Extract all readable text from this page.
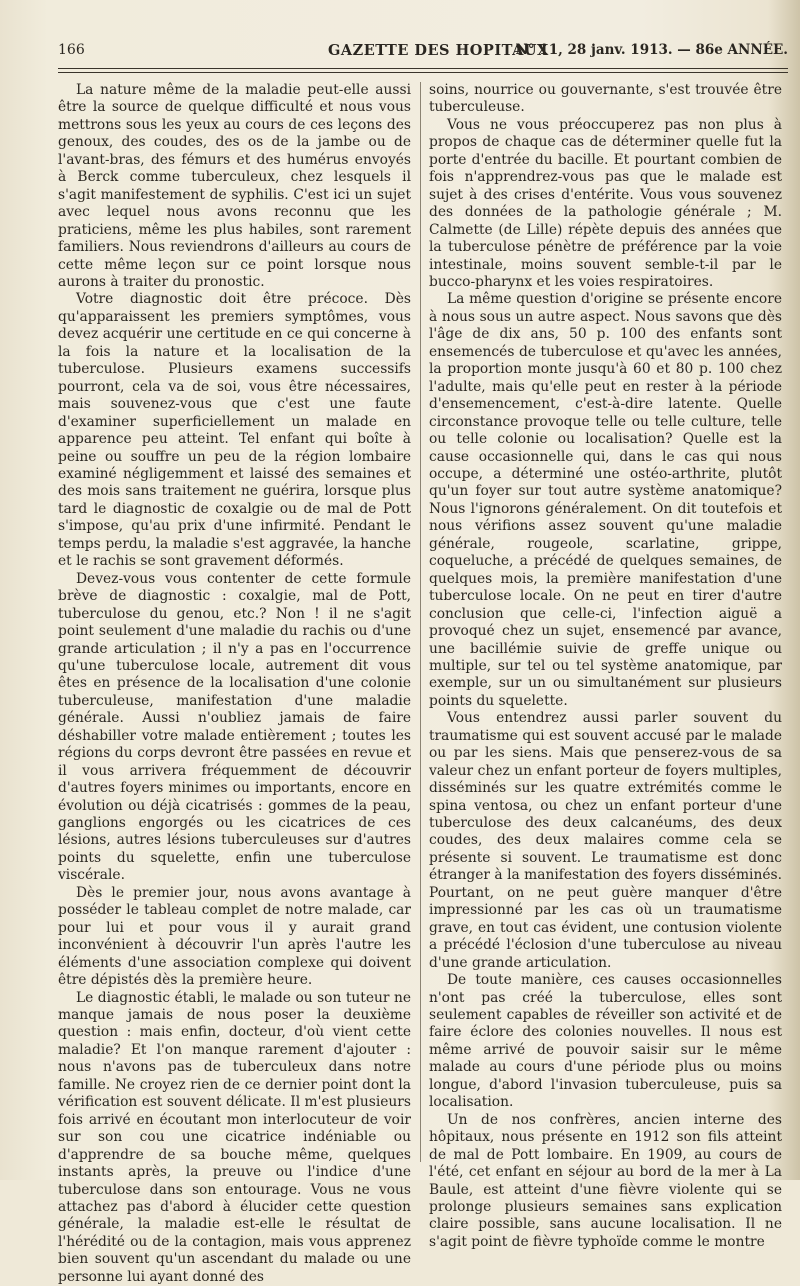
166	GAZETTE DES HOPITAUX
N° 11, 28 janv. 1913. — 86e ANNÉE.

La nature même de la maladie peut-elle aussi être la source de quelque difficulté et nous vous mettrons sous les yeux au cours de ces leçons des genoux, des coudes, des os de la jambe ou de l'avant-bras, des fémurs et des humérus envoyés à Berck comme tuberculeux, chez lesquels il s'agit manifestement de syphilis. C'est ici un sujet avec lequel nous avons reconnu que les praticiens, même les plus habiles, sont rarement familiers. Nous reviendrons d'ailleurs au cours de cette même leçon sur ce point lorsque nous aurons à traiter du pronostic.

Votre diagnostic doit être précoce. Dès qu'apparaissent les premiers symptômes, vous devez acquérir une certitude en ce qui concerne à la fois la nature et la localisation de la tuberculose. Plusieurs examens successifs pourront, cela va de soi, vous être nécessaires, mais souvenez-vous que c'est une faute d'examiner superficiellement un malade en apparence peu atteint. Tel enfant qui boîte à peine ou souffre un peu de la région lombaire examiné négligemment et laissé des semaines et des mois sans traitement ne guérira, lorsque plus tard le diagnostic de coxalgie ou de mal de Pott s'impose, qu'au prix d'une infirmité. Pendant le temps perdu, la maladie s'est aggravée, la hanche et le rachis se sont gravement déformés.

Devez-vous vous contenter de cette formule brève de diagnostic : coxalgie, mal de Pott, tuberculose du genou, etc.? Non ! il ne s'agit point seulement d'une maladie du rachis ou d'une grande articulation ; il n'y a pas en l'occurrence qu'une tuberculose locale, autrement dit vous êtes en présence de la localisation d'une colonie tuberculeuse, manifestation d'une maladie générale. Aussi n'oubliez jamais de faire déshabiller votre malade entièrement ; toutes les régions du corps devront être passées en revue et il vous arrivera fréquemment de découvrir d'autres foyers minimes ou importants, encore en évolution ou déjà cicatrisés : gommes de la peau, ganglions engorgés ou les cicatrices de ces lésions, autres lésions tuberculeuses sur d'autres points du squelette, enfin une tuberculose viscérale.

Dès le premier jour, nous avons avantage à posséder le tableau complet de notre malade, car pour lui et pour vous il y aurait grand inconvénient à découvrir l'un après l'autre les éléments d'une association complexe qui doivent être dépistés dès la première heure.

Le diagnostic établi, le malade ou son tuteur ne manque jamais de nous poser la deuxième question : mais enfin, docteur, d'où vient cette maladie? Et l'on manque rarement d'ajouter : nous n'avons pas de tuberculeux dans notre famille. Ne croyez rien de ce dernier point dont la vérification est souvent délicate. Il m'est plusieurs fois arrivé en écoutant mon interlocuteur de voir sur son cou une cicatrice indéniable ou d'apprendre de sa bouche même, quelques instants après, la preuve ou l'indice d'une tuberculose dans son entourage. Vous ne vous attachez pas d'abord à élucider cette question générale, la maladie est-elle le résultat de l'hérédité ou de la contagion, mais vous apprenez bien souvent qu'un ascendant du malade ou une personne lui ayant donné des

soins, nourrice ou gouvernante, s'est trouvée être tuberculeuse.

Vous ne vous préoccuperez pas non plus à propos de chaque cas de déterminer quelle fut la porte d'entrée du bacille. Et pourtant combien de fois n'apprendrez-vous pas que le malade est sujet à des crises d'entérite. Vous vous souvenez des données de la pathologie générale ; M. Calmette (de Lille) répète depuis des années que la tuberculose pénètre de préférence par la voie intestinale, moins souvent semble-t-il par le bucco-pharynx et les voies respiratoires.

La même question d'origine se présente encore à nous sous un autre aspect. Nous savons que dès l'âge de dix ans, 50 p. 100 des enfants sont ensemencés de tuberculose et qu'avec les années, la proportion monte jusqu'à 60 et 80 p. 100 chez l'adulte, mais qu'elle peut en rester à la période d'ensemencement, c'est-à-dire latente. Quelle circonstance provoque telle ou telle culture, telle ou telle colonie ou localisation? Quelle est la cause occasionnelle qui, dans le cas qui nous occupe, a déterminé une ostéo-arthrite, plutôt qu'un foyer sur tout autre système anatomique? Nous l'ignorons généralement. On dit toutefois et nous vérifions assez souvent qu'une maladie générale, rougeole, scarlatine, grippe, coqueluche, a précédé de quelques semaines, de quelques mois, la première manifestation d'une tuberculose locale. On ne peut en tirer d'autre conclusion que celle-ci, l'infection aiguë a provoqué chez un sujet, ensemencé par avance, une bacillémie suivie de greffe unique ou multiple, sur tel ou tel système anatomique, par exemple, sur un ou simultanément sur plusieurs points du squelette.

Vous entendrez aussi parler souvent du traumatisme qui est souvent accusé par le malade ou par les siens. Mais que penserez-vous de sa valeur chez un enfant porteur de foyers multiples, disséminés sur les quatre extrémités comme le spina ventosa, ou chez un enfant porteur d'une tuberculose des deux calcanéums, des deux coudes, des deux malaires comme cela se présente si souvent. Le traumatisme est donc étranger à la manifestation des foyers disséminés. Pourtant, on ne peut guère manquer d'être impressionné par les cas où un traumatisme grave, en tout cas évident, une contusion violente a précédé l'éclosion d'une tuberculose au niveau d'une grande articulation.

De toute manière, ces causes occasionnelles n'ont pas créé la tuberculose, elles sont seulement capables de réveiller son activité et de faire éclore des colonies nouvelles. Il nous est même arrivé de pouvoir saisir sur le même malade au cours d'une période plus ou moins longue, d'abord l'invasion tuberculeuse, puis sa localisation.

Un de nos confrères, ancien interne des hôpitaux, nous présente en 1912 son fils atteint de mal de Pott lombaire. En 1909, au cours de l'été, cet enfant en séjour au bord de la mer à La Baule, est atteint d'une fièvre violente qui se prolonge plusieurs semaines sans explication claire possible, sans aucune localisation. Il ne s'agit point de fièvre typhoïde comme le montre
